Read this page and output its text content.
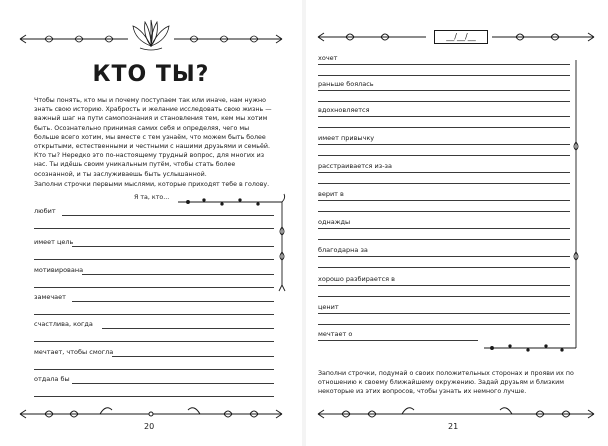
КТО ТЫ?

Чтобы понять, кто мы и почему поступаем так или иначе, нам нужно знать свою историю. Храбрость и желание исследовать свою жизнь — важный шаг на пути самопознания и становления тем, кем мы хотим быть. Осознательно принимая самих себя и определяя, чего мы больше всего хотим, мы вместе с тем узнаём, что можем быть более открытыми, естественными и честными с нашими друзьями и семьёй. Кто ты? Нередко это по-настоящему трудный вопрос, для многих из нас. Ты идёшь своим уникальным путём, чтобы стать более осознанной, и ты заслуживаешь быть услышанной.

Заполни строчки первыми мыслями, которые приходят тебе в голову.
Я та, кто...
любит
имеет цель
мотивирована
замечает
счастлива, когда
мечтает, чтобы смогла
отдала бы
20
__/__/__
хочет
раньше боялась
вдохновляется
имеет привычку
расстраивается из-за
верит в
однажды
благодарна за
хорошо разбирается в
ценит
мечтает о
Заполни строчки, подумай о своих положительных сторонах и прояви их по отношению к своему ближайшему окружению. Задай друзьям и близким некоторые из этих вопросов, чтобы узнать их немного лучше.
21
